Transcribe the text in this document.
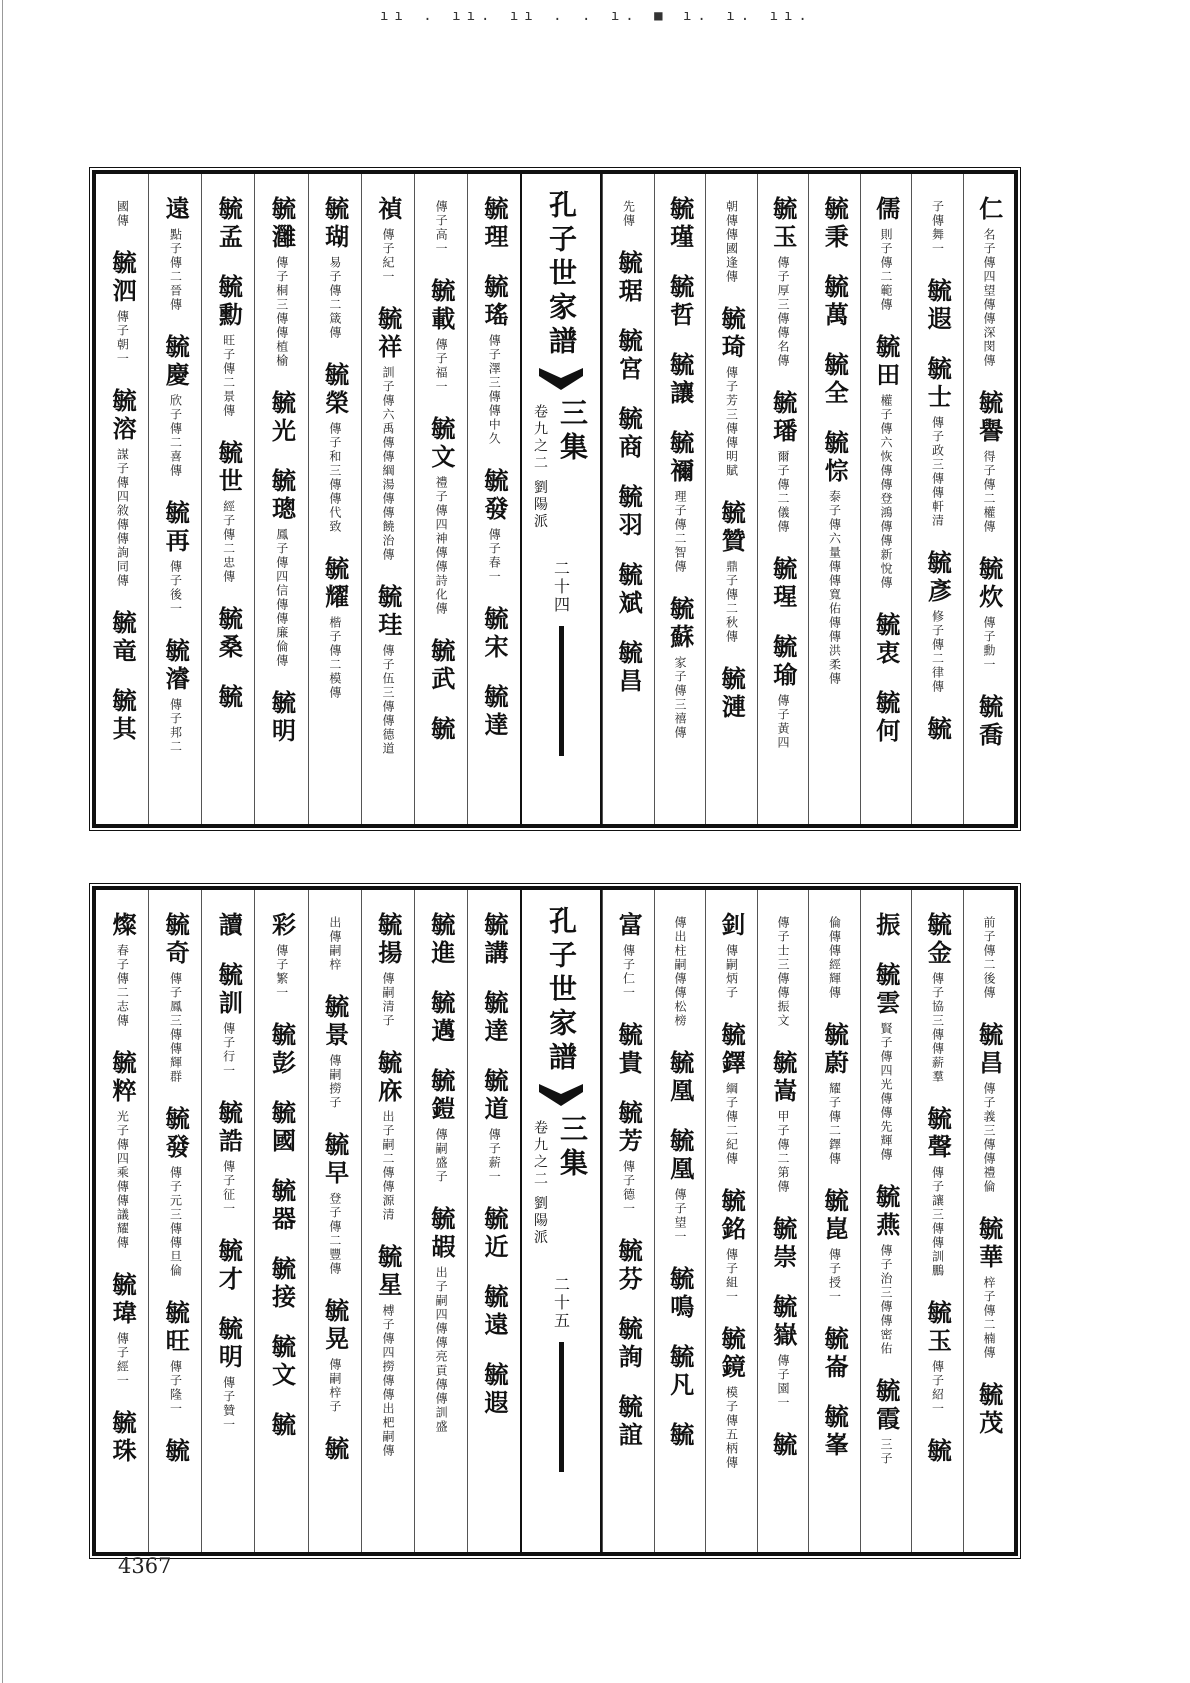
ıı . ıı. ıı . . ı. ■ ı. ı. ıı.
毓理
毓瑤
傳子澤三傳傳中久
毓發
傳子春一
毓宋
毓達
傳子高一
毓載
傳子福一
毓文
禮子傳四神傳傳詩化傳
毓武
毓
禎
傳子紀一
毓祥
訓子傳六禹傳傳綱湯傳傳饒治傳
毓珪
傳子伍三傳傳德道
毓瑚
易子傳二箴傳
毓榮
傳子和三傳傳代致
毓耀
楷子傳二模傳
毓灉
傳子桐三傳傳植榆
毓光
毓璁
鳳子傳四信傳傳廉倫傳
毓明
毓孟
毓勳
旺子傳二景傳
毓世
經子傳二忠傳
毓桑
毓
遠
點子傳二晉傳
毓慶
欣子傳二喜傳
毓再
傳子後一
毓濬
傳子邦二
國傳
毓泗
傳子朝一
毓溶
謀子傳四敘傳傳詢同傳
毓竜
毓其
孔子世家譜
三集
卷九之二 劉陽派
二十四
仁
名子傳四望傳傳深閔傳
毓譽
得子傳二權傳
毓炊
傳子勳一
毓喬
子傳舞一
毓遐
毓士
傳子政三傳傳軒清
毓彥
修子傳二律傳
毓
儒
則子傳二範傳
毓田
權子傳六恢傳傳登鴻傳傳新悅傳
毓衷
毓何
毓秉
毓萬
毓全
毓悰
泰子傳六量傳傳寬佑傳傳洪柔傳
毓玉
傳子厚三傳傳名傳
毓璠
爾子傳二儀傳
毓瑆
毓瑜
傳子黃四
朝傳傳國逢傳
毓琦
傳子芳三傳傳明賦
毓贊
鼎子傳二秋傳
毓漣
毓瑾
毓哲
毓讓
毓禰
理子傳二智傳
毓蘇
家子傳三禧傳
先傳
毓琚
毓宮
毓商
毓羽
毓斌
毓昌
毓講
毓達
毓道
傳子薪一
毓近
毓遠
毓遐
毓進
毓邁
毓鎧
傳嗣盛子
毓嘏
出子嗣四傳傳亮貢傳傳訓盛
毓揚
傳嗣清子
毓庥
出子嗣二傳傳源清
毓星
榑子傳四撈傳傳出杷嗣傳
出傳嗣梓
毓景
傳嗣撈子
毓早
登子傳二豐傳
毓晃
傳嗣梓子
毓
彩
傳子繁一
毓彭
毓國
毓器
毓接
毓文
毓
讀
毓訓
傳子行一
毓誥
傳子征一
毓才
毓明
傳子贊一
毓奇
傳子鳳三傳傳輝群
毓發
傳子元三傳傳旦倫
毓旺
傳子隆一
毓
燦
春子傳二志傳
毓粹
光子傳四乘傳傳議耀傳
毓瑋
傳子經一
毓珠
孔子世家譜
三集
卷九之二 劉陽派
二十五
前子傳二後傳
毓昌
傳子義三傳傳禮倫
毓華
梓子傳二楠傳
毓茂
毓金
傳子協三傳傳薪羣
毓聲
傳子讓三傳傳訓鵬
毓玉
傳子紹一
毓
振
毓雲
賢子傳四光傳傳先輝傳
毓燕
傳子治三傳傳密佑
毓霞
三子
倫傳傳經輝傳
毓蔚
耀子傳二鐸傳
毓崑
傳子授一
毓崙
毓峯
傳子士三傳傳振文
毓嵩
甲子傳二第傳
毓崇
毓嶽
傳子園一
毓
釗
傳嗣炳子
毓鐸
綱子傳二紀傳
毓銘
傳子組一
毓鏡
模子傳五柄傳
傳出柱嗣傳傳松榜
毓凰
毓凰
傳子望一
毓鳴
毓凡
毓
富
傳子仁一
毓貴
毓芳
傳子德一
毓芬
毓詢
毓誼
4367
